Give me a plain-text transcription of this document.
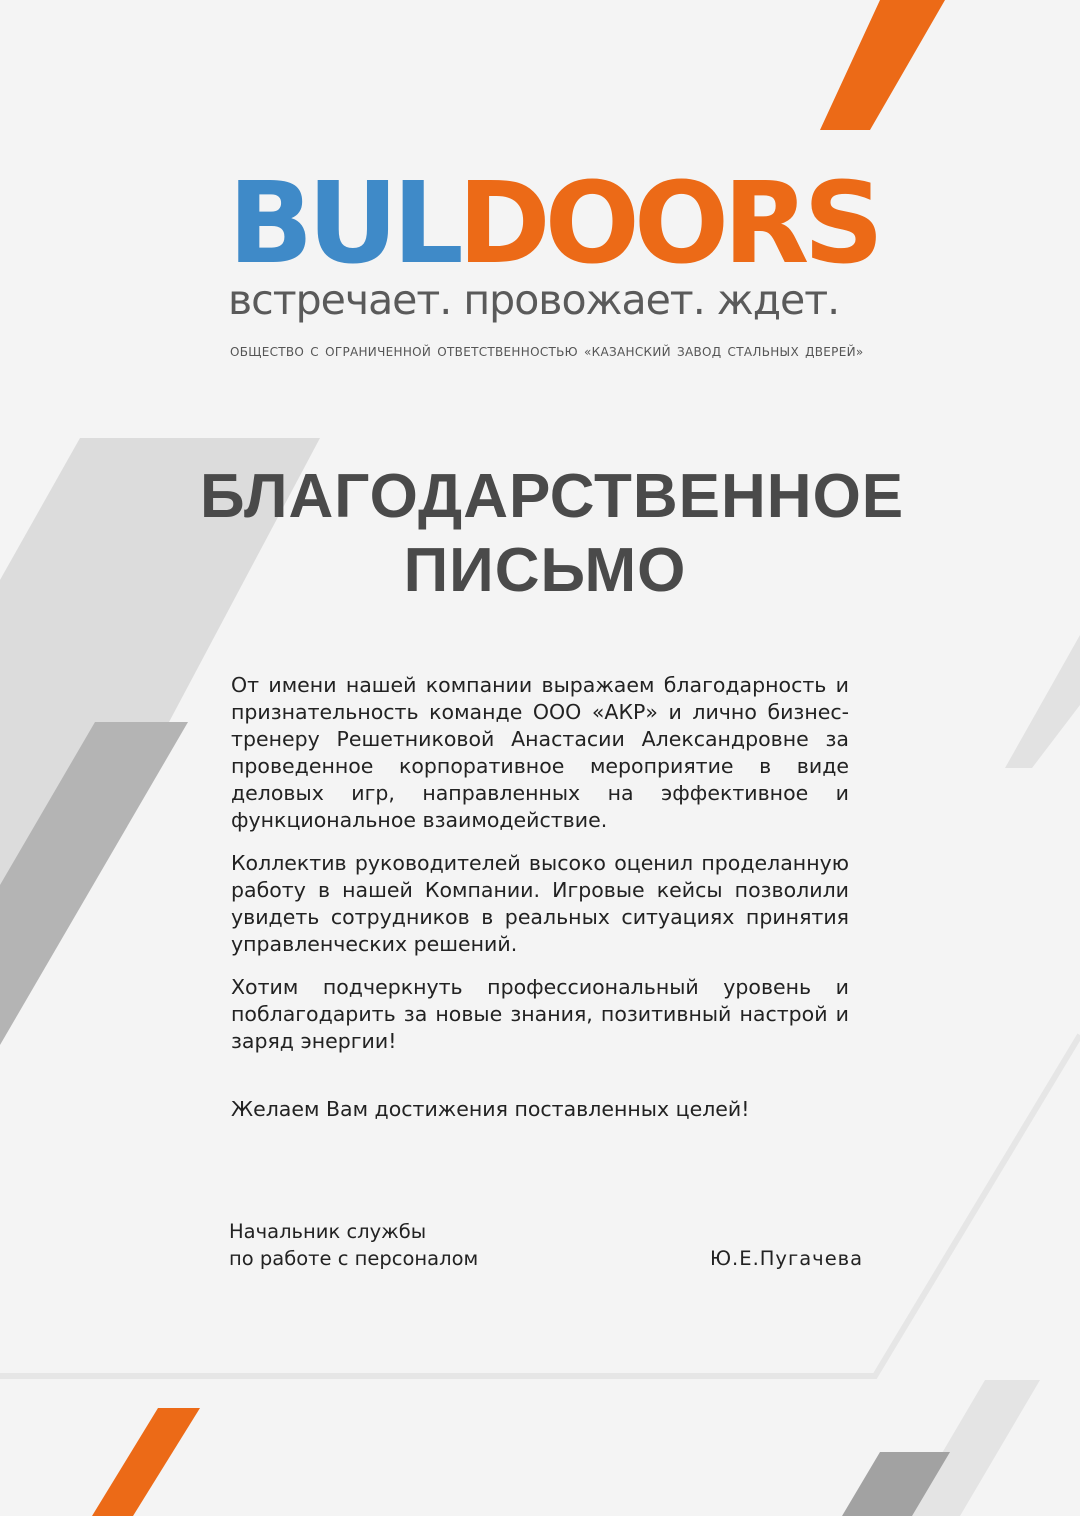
BULDOORS
встречает. провожает. ждет.
ОБЩЕСТВО С ОГРАНИЧЕННОЙ ОТВЕТСТВЕННОСТЬЮ «КАЗАНСКИЙ ЗАВОД СТАЛЬНЫХ ДВЕРЕЙ»
БЛАГОДАРСТВЕННОЕ
ПИСЬМО

От имени нашей компании выражаем благодарность и признательность команде ООО «АКР» и лично бизнес-тренеру Решетниковой Анастасии Александровне за проведенное корпоративное мероприятие в виде деловых игр, направленных на эффективное и функциональное взаимодействие.

Коллектив руководителей высоко оценил проделанную работу в нашей Компании. Игровые кейсы позволили увидеть сотрудников в реальных ситуациях принятия управленческих решений.

Хотим подчеркнуть профессиональный уровень и поблагодарить за новые знания, позитивный настрой и заряд энергии!

Желаем Вам достижения поставленных целей!
Начальник службы
по работе с персоналом	Ю.Е.Пугачева
